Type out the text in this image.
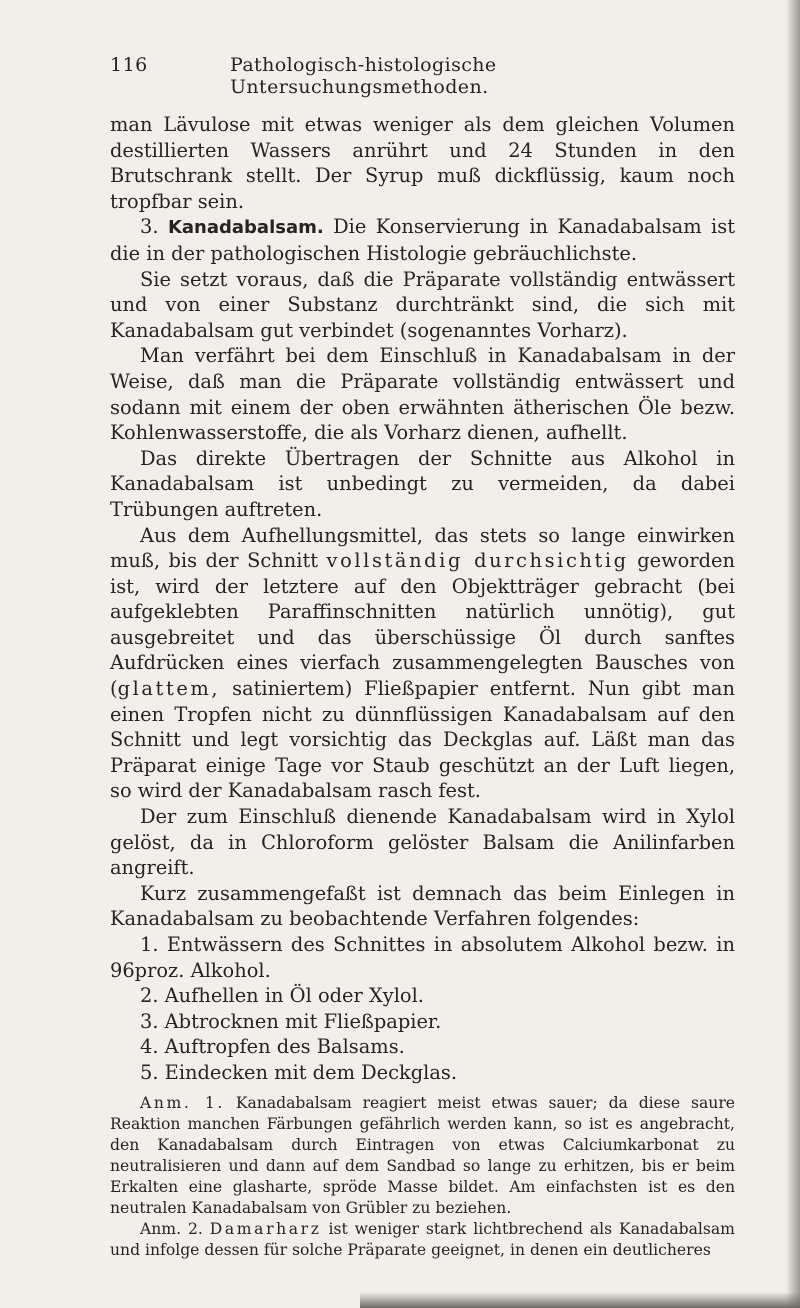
116	Pathologisch-histologische Untersuchungsmethoden.

man Lävulose mit etwas weniger als dem gleichen Volumen destillierten Wassers anrührt und 24 Stunden in den Brutschrank stellt. Der Syrup muß dickflüssig, kaum noch tropfbar sein.

3. Kanadabalsam. Die Konservierung in Kanadabalsam ist die in der pathologischen Histologie gebräuchlichste.

Sie setzt voraus, daß die Präparate vollständig entwässert und von einer Substanz durchtränkt sind, die sich mit Kanadabalsam gut verbindet (sogenanntes Vorharz).

Man verfährt bei dem Einschluß in Kanadabalsam in der Weise, daß man die Präparate vollständig entwässert und sodann mit einem der oben erwähnten ätherischen Öle bezw. Kohlenwasserstoffe, die als Vorharz dienen, aufhellt.

Das direkte Übertragen der Schnitte aus Alkohol in Kanadabalsam ist unbedingt zu vermeiden, da dabei Trübungen auftreten.

Aus dem Aufhellungsmittel, das stets so lange einwirken muß, bis der Schnitt vollständig durchsichtig geworden ist, wird der letztere auf den Objektträger gebracht (bei aufgeklebten Paraffinschnitten natürlich unnötig), gut ausgebreitet und das überschüssige Öl durch sanftes Aufdrücken eines vierfach zusammengelegten Bausches von (glattem, satiniertem) Fließpapier entfernt. Nun gibt man einen Tropfen nicht zu dünnflüssigen Kanadabalsam auf den Schnitt und legt vorsichtig das Deckglas auf. Läßt man das Präparat einige Tage vor Staub geschützt an der Luft liegen, so wird der Kanadabalsam rasch fest.

Der zum Einschluß dienende Kanadabalsam wird in Xylol gelöst, da in Chloroform gelöster Balsam die Anilinfarben angreift.

Kurz zusammengefaßt ist demnach das beim Einlegen in Kanadabalsam zu beobachtende Verfahren folgendes:

1. Entwässern des Schnittes in absolutem Alkohol bezw. in 96proz. Alkohol.
2. Aufhellen in Öl oder Xylol.
3. Abtrocknen mit Fließpapier.
4. Auftropfen des Balsams.
5. Eindecken mit dem Deckglas.

Anm. 1. Kanadabalsam reagiert meist etwas sauer; da diese saure Reaktion manchen Färbungen gefährlich werden kann, so ist es angebracht, den Kanadabalsam durch Eintragen von etwas Calciumkarbonat zu neutralisieren und dann auf dem Sandbad so lange zu erhitzen, bis er beim Erkalten eine glasharte, spröde Masse bildet. Am einfachsten ist es den neutralen Kanadabalsam von Grübler zu beziehen.

Anm. 2. Damarharz ist weniger stark lichtbrechend als Kanadabalsam und infolge dessen für solche Präparate geeignet, in denen ein deutlicheres
